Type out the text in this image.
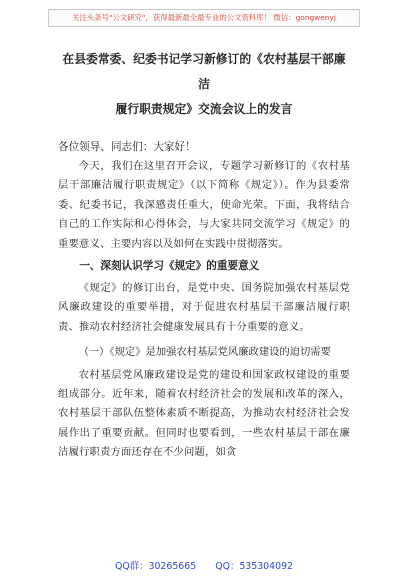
关注头条号"公文研究"，获得最新最全最专业的公文资料库！ 微信：gongwenyj
在县委常委、纪委书记学习新修订的《农村基层干部廉洁
履行职责规定》交流会议上的发言
各位领导、同志们：大家好！

今天，我们在这里召开会议，专题学习新修订的《农村基层干部廉洁履行职责规定》（以下简称《规定》）。作为县委常委、纪委书记，我深感责任重大，使命光荣。下面，我将结合自己的工作实际和心得体会，与大家共同交流学习《规定》的重要意义、主要内容以及如何在实践中贯彻落实。

一、深刻认识学习《规定》的重要意义

《规定》的修订出台，是党中央、国务院加强农村基层党风廉政建设的重要举措，对于促进农村基层干部廉洁履行职责、推动农村经济社会健康发展具有十分重要的意义。

（一）《规定》是加强农村基层党风廉政建设的迫切需要

农村基层党风廉政建设是党的建设和国家政权建设的重要组成部分。近年来，随着农村经济社会的发展和改革的深入，农村基层干部队伍整体素质不断提高，为推动农村经济社会发展作出了重要贡献。但同时也要看到，一些农村基层干部在廉洁履行职责方面还存在不少问题，如贪

QQ群：30265665 QQ：535304092
